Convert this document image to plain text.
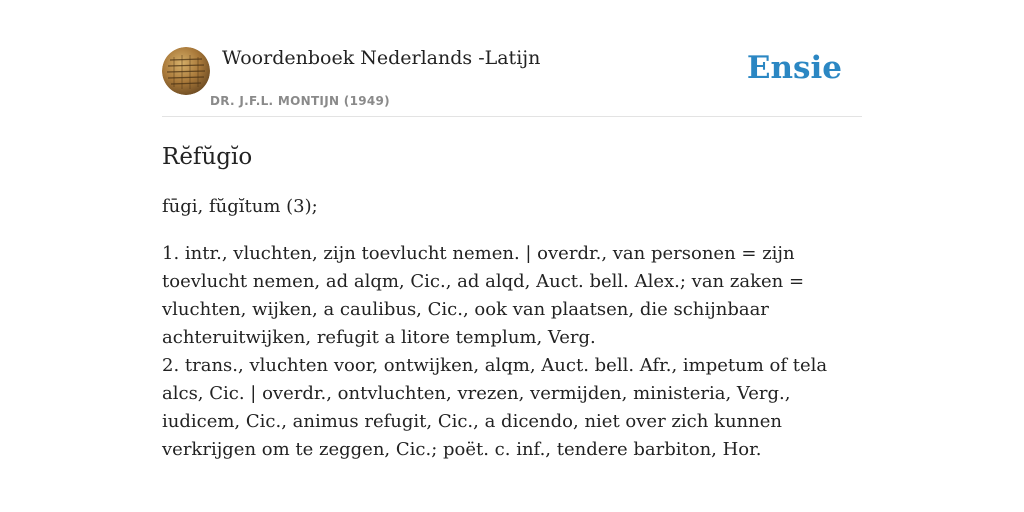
Woordenboek Nederlands -Latijn
DR. J.F.L. MONTIJN (1949)
Ensie
Rĕfŭgĭo
fūgi, fŭgĭtum (3);
1. intr., vluchten, zijn toevlucht nemen. | overdr., van personen = zijn toevlucht nemen, ad alqm, Cic., ad alqd, Auct. bell. Alex.; van zaken = vluchten, wijken, a caulibus, Cic., ook van plaatsen, die schijnbaar achteruitwijken, refugit a litore templum, Verg.
2. trans., vluchten voor, ontwijken, alqm, Auct. bell. Afr., impetum of tela alcs, Cic. | overdr., ontvluchten, vrezen, vermijden, ministeria, Verg., iudicem, Cic., animus refugit, Cic., a dicendo, niet over zich kunnen verkrijgen om te zeggen, Cic.; poët. c. inf., tendere barbiton, Hor.
